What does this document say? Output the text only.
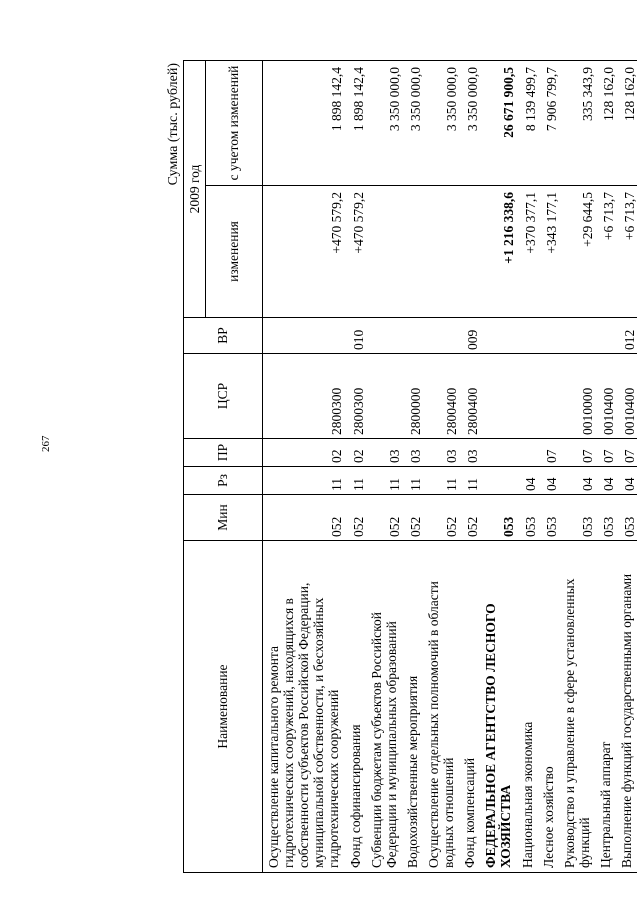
267
Сумма (тыс. рублей)
Наименование	Мин	Рз	ПР	ЦСР	ВР	2009 год	
						изменения	с учетом изменений
Осуществление капитального ремонта гидротехнических сооружений, находящихся в собственности субъектов Российской Федерации, муниципальной собственности, и бесхозяйных гидротехнических сооружений	052	11	02	2800300		+470 579,2	1 898 142,4
Фонд софинансирования	052	11	02	2800300	010	+470 579,2	1 898 142,4
Субвенции бюджетам субъектов Российской Федерации и муниципальных образований	052	11	03				3 350 000,0
Водохозяйственные мероприятия	052	11	03	2800000			3 350 000,0
Осуществление отдельных полномочий в области водных отношений	052	11	03	2800400			3 350 000,0
Фонд компенсаций	052	11	03	2800400	009		3 350 000,0
ФЕДЕРАЛЬНОЕ АГЕНТСТВО ЛЕСНОГО ХОЗЯЙСТВА	053					+1 216 338,6	26 671 900,5
Национальная экономика	053	04				+370 377,1	8 139 499,7
Лесное хозяйство	053	04	07			+343 177,1	7 906 799,7
Руководство и управление в сфере установленных функций	053	04	07	0010000		+29 644,5	335 343,9
Центральный аппарат	053	04	07	0010400		+6 713,7	128 162,0
Выполнение функций государственными органами	053	04	07	0010400	012	+6 713,7	128 162,0
